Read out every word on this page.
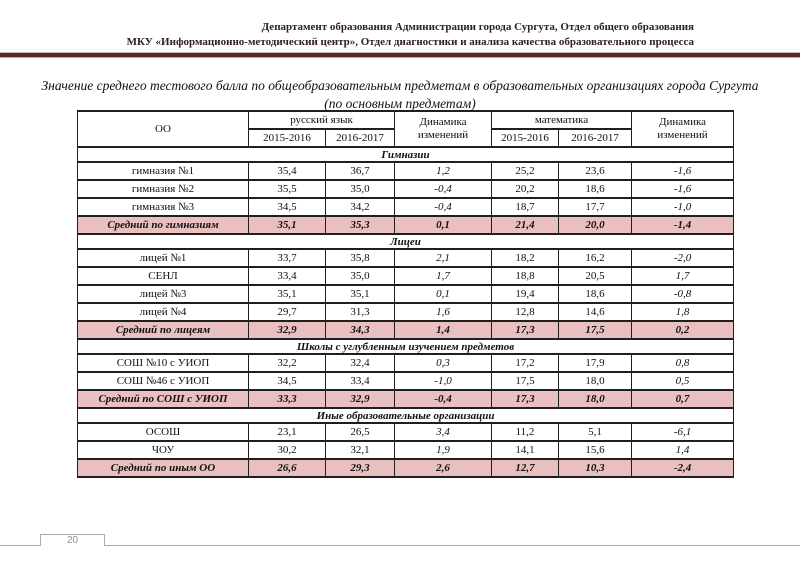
Департамент образования Администрации города Сургута, Отдел общего образования
МКУ «Информационно-методический центр», Отдел диагностики и анализа качества образовательного процесса
Значение среднего тестового балла по общеобразовательным предметам в образовательных организациях города Сургута
(по основным предметам)
ОО	русский язык		Динамика изменений	математика		Динамика изменений
	2015-2016	2016-2017		2015-2016	2016-2017	
Гимназии						
гимназия №1	35,4	36,7	1,2	25,2	23,6	-1,6
гимназия №2	35,5	35,0	-0,4	20,2	18,6	-1,6
гимназия №3	34,5	34,2	-0,4	18,7	17,7	-1,0
Средний по гимназиям	35,1	35,3	0,1	21,4	20,0	-1,4
Лицеи						
лицей №1	33,7	35,8	2,1	18,2	16,2	-2,0
СЕНЛ	33,4	35,0	1,7	18,8	20,5	1,7
лицей №3	35,1	35,1	0,1	19,4	18,6	-0,8
лицей №4	29,7	31,3	1,6	12,8	14,6	1,8
Средний по лицеям	32,9	34,3	1,4	17,3	17,5	0,2
Школы с углубленным изучением предметов						
СОШ №10 с УИОП	32,2	32,4	0,3	17,2	17,9	0,8
СОШ №46 с УИОП	34,5	33,4	-1,0	17,5	18,0	0,5
Средний по СОШ с УИОП	33,3	32,9	-0,4	17,3	18,0	0,7
Иные образовательные организации						
ОСОШ	23,1	26,5	3,4	11,2	5,1	-6,1
ЧОУ	30,2	32,1	1,9	14,1	15,6	1,4
Средний по иным ОО	26,6	29,3	2,6	12,7	10,3	-2,4
20
